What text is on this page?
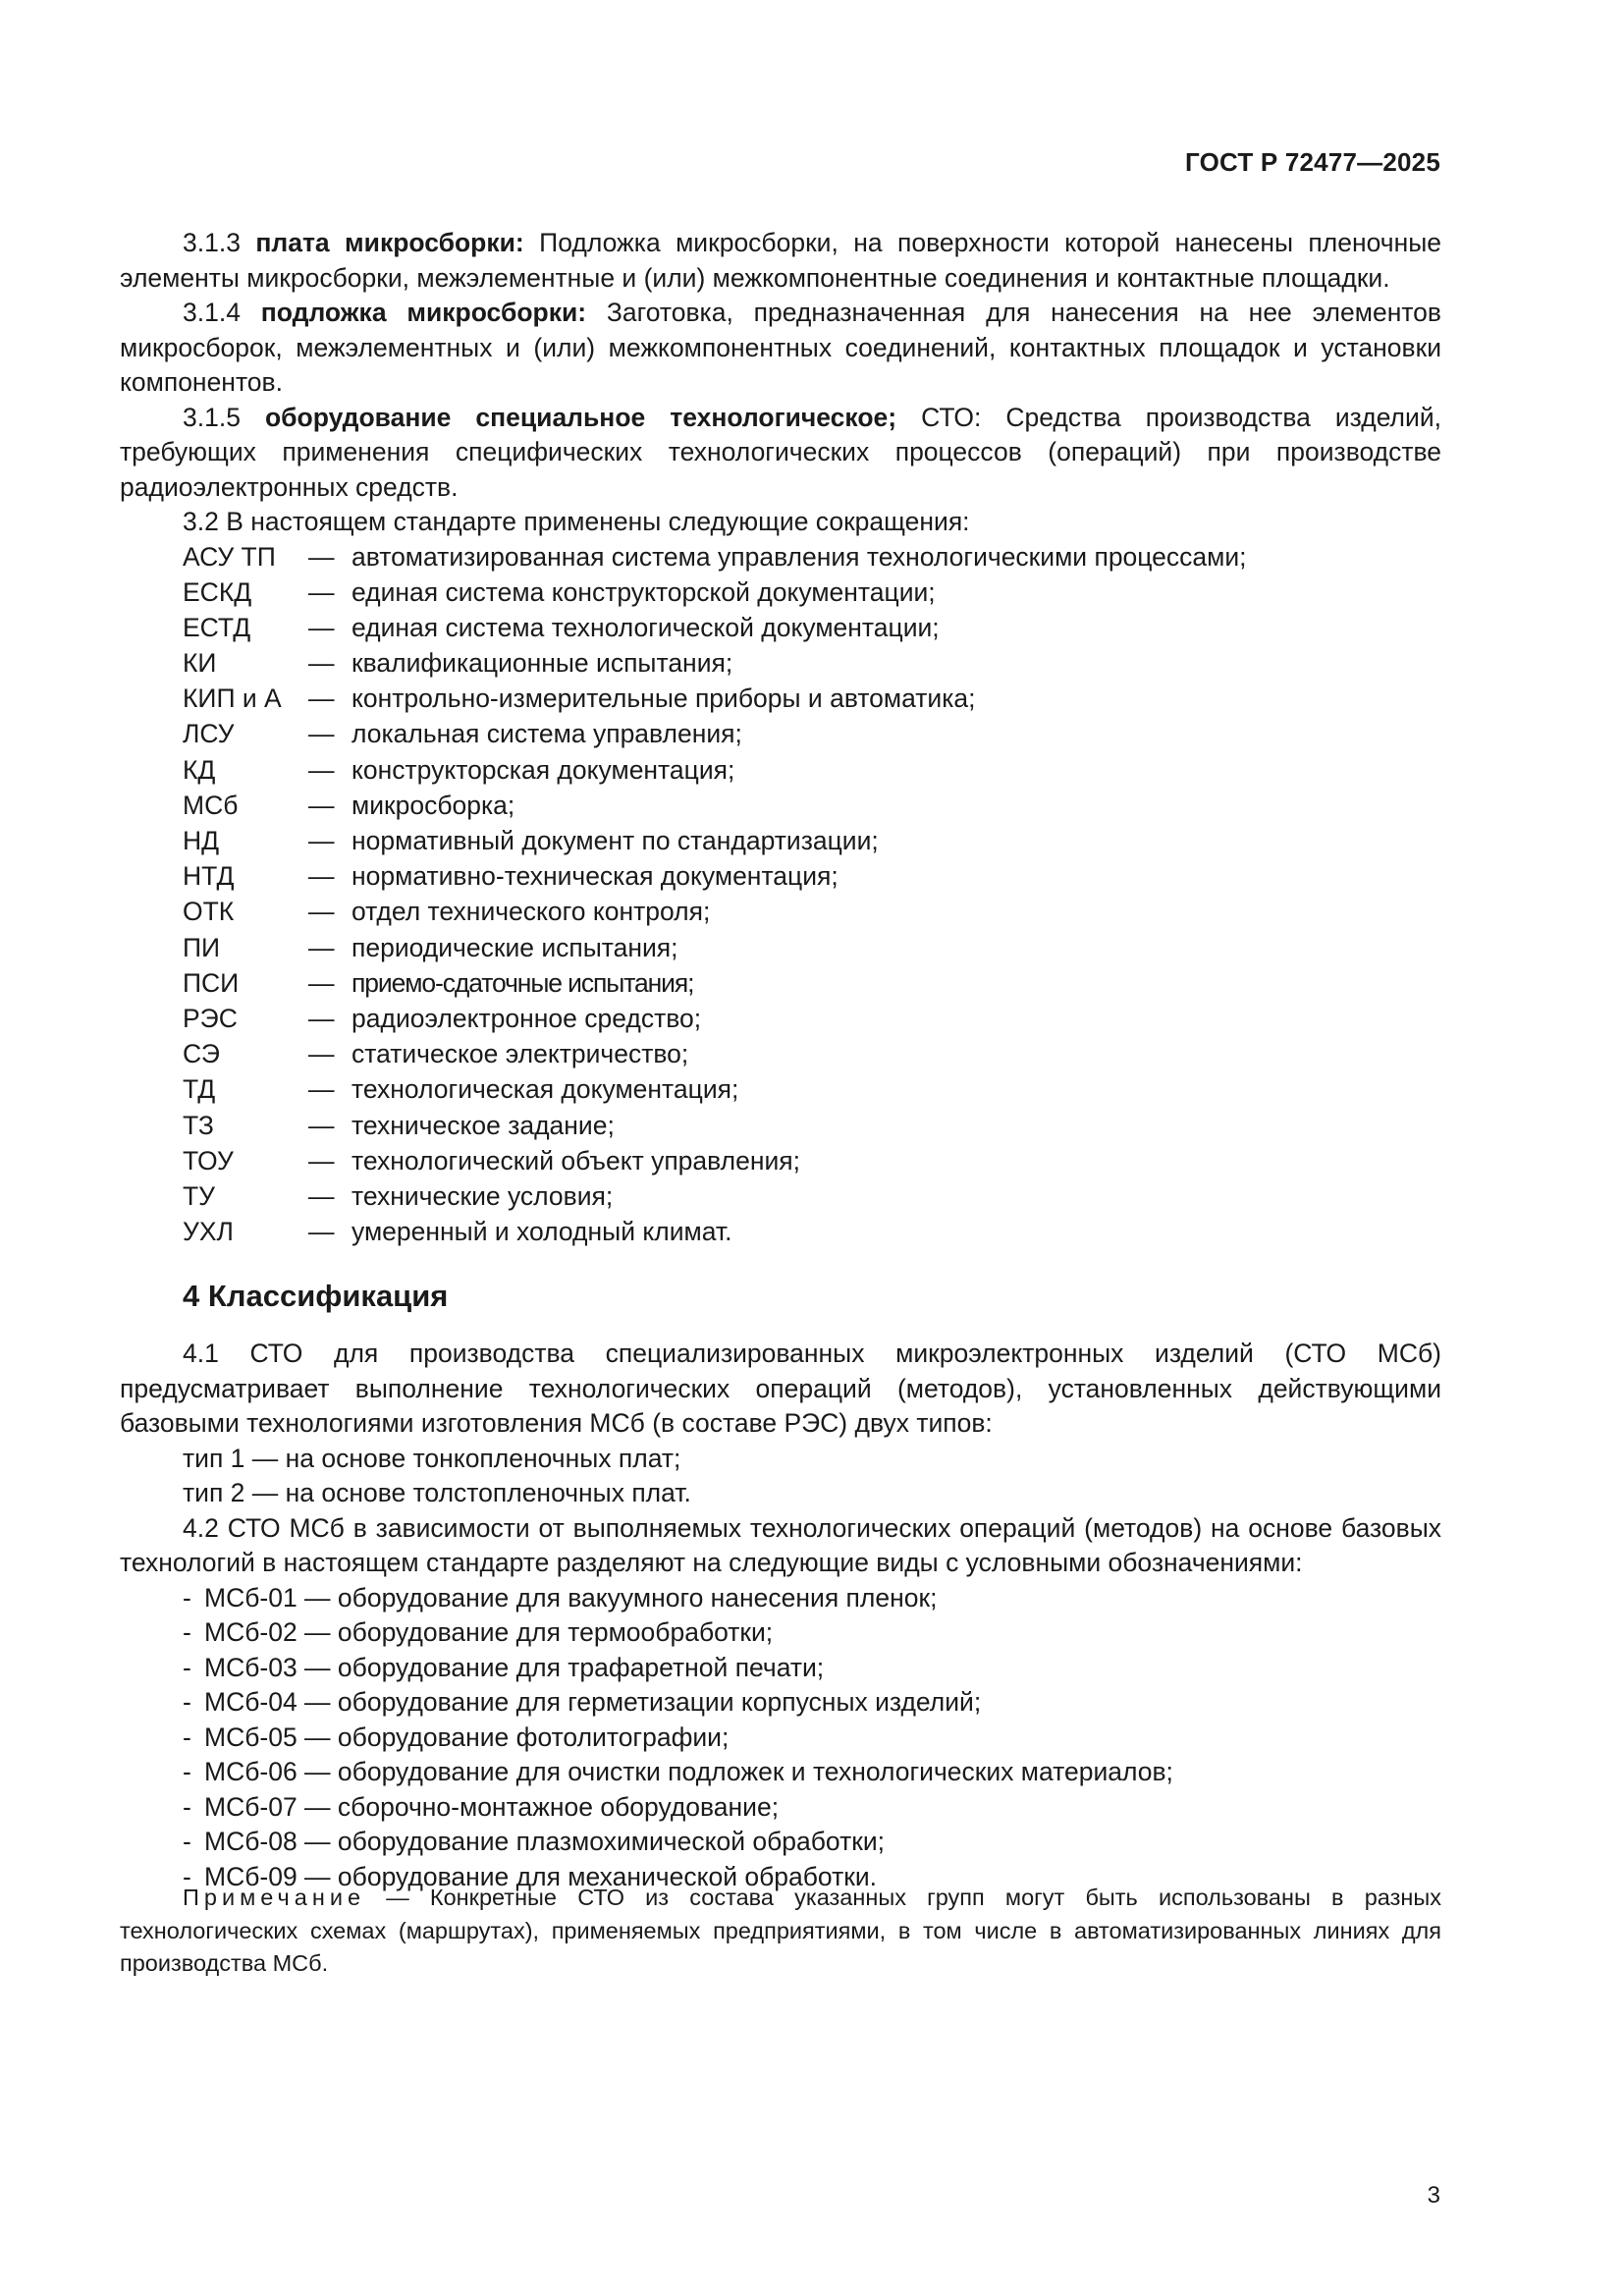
ГОСТ Р 72477—2025

3.1.3 плата микросборки: Подложка микросборки, на поверхности которой нанесены пленочные элементы микросборки, межэлементные и (или) межкомпонентные соединения и контактные площадки.

3.1.4 подложка микросборки: Заготовка, предназначенная для нанесения на нее элементов микросборок, межэлементных и (или) межкомпонентных соединений, контактных площадок и установки компонентов.

3.1.5 оборудование специальное технологическое; СТО: Средства производства изделий, требующих применения специфических технологических процессов (операций) при производстве радиоэлектронных средств.

3.2 В настоящем стандарте применены следующие сокращения:

АСУ ТП	— автоматизированная система управления технологическими процессами;
ЕСКД	— единая система конструкторской документации;
ЕСТД	— единая система технологической документации;
КИ	— квалификационные испытания;
КИП и А	— контрольно-измерительные приборы и автоматика;
ЛСУ	— локальная система управления;
КД	— конструкторская документация;
МСб	— микросборка;
НД	— нормативный документ по стандартизации;
НТД	— нормативно-техническая документация;
ОТК	— отдел технического контроля;
ПИ	— периодические испытания;
ПСИ	— приемо-сдаточные испытания;
РЭС	— радиоэлектронное средство;
СЭ	— статическое электричество;
ТД	— технологическая документация;
ТЗ	— техническое задание;
ТОУ	— технологический объект управления;
ТУ	— технические условия;
УХЛ	— умеренный и холодный климат.
4 Классификация

4.1 СТО для производства специализированных микроэлектронных изделий (СТО МСб) предусматривает выполнение технологических операций (методов), установленных действующими базовыми технологиями изготовления МСб (в составе РЭС) двух типов:

тип 1 — на основе тонкопленочных плат;

тип 2 — на основе толстопленочных плат.

4.2 СТО МСб в зависимости от выполняемых технологических операций (методов) на основе базовых технологий в настоящем стандарте разделяют на следующие виды с условными обозначениями:

- МСб-01 — оборудование для вакуумного нанесения пленок;
- МСб-02 — оборудование для термообработки;
- МСб-03 — оборудование для трафаретной печати;
- МСб-04 — оборудование для герметизации корпусных изделий;
- МСб-05 — оборудование фотолитографии;
- МСб-06 — оборудование для очистки подложек и технологических материалов;
- МСб-07 — сборочно-монтажное оборудование;
- МСб-08 — оборудование плазмохимической обработки;
- МСб-09 — оборудование для механической обработки.

Примечание — Конкретные СТО из состава указанных групп могут быть использованы в разных технологических схемах (маршрутах), применяемых предприятиями, в том числе в автоматизированных линиях для производства МСб.

3
